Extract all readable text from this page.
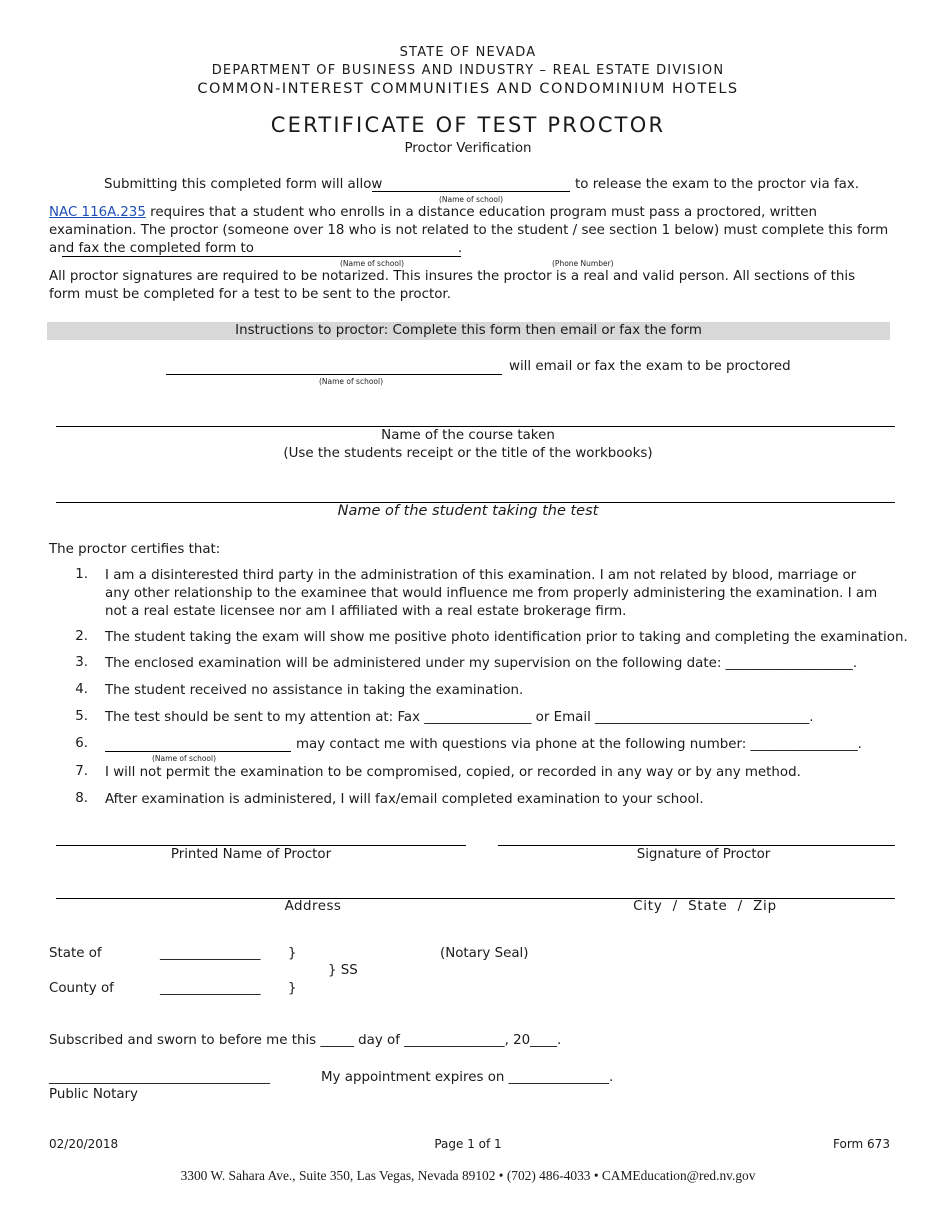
STATE OF NEVADA
DEPARTMENT OF BUSINESS AND INDUSTRY – REAL ESTATE DIVISION
COMMON-INTEREST COMMUNITIES AND CONDOMINIUM HOTELS
CERTIFICATE OF TEST PROCTOR
Proctor Verification
Submitting this completed form will allow
(Name of school)
to release the exam to the proctor via fax.
NAC 116A.235 requires that a student who enrolls in a distance education program must pass a proctored, written examination. The proctor (someone over 18 who is not related to the student / see section 1 below) must complete this form and fax the completed form to	.
(Name of school)	(Phone Number)
All proctor signatures are required to be notarized. This insures the proctor is a real and valid person. All sections of this form must be completed for a test to be sent to the proctor.
Instructions to proctor: Complete this form then email or fax the form
(Name of school)
will email or fax the exam to be proctored
Name of the course taken
(Use the students receipt or the title of the workbooks)
Name of the student taking the test
The proctor certifies that:
1. I am a disinterested third party in the administration of this examination. I am not related by blood, marriage or any other relationship to the examinee that would influence me from properly administering the examination. I am not a real estate licensee nor am I affiliated with a real estate brokerage firm.
2. The student taking the exam will show me positive photo identification prior to taking and completing the examination.
3. The enclosed examination will be administered under my supervision on the following date: ___________________.
4. The student received no assistance in taking the examination.
5. The test should be sent to my attention at: Fax ________________ or Email ________________________________.
6.
(Name of school)
may contact me with questions via phone at the following number: ________________.
7. I will not permit the examination to be compromised, copied, or recorded in any way or by any method.
8. After examination is administered, I will fax/email completed examination to your school.
Printed Name of Proctor	Signature of Proctor
Address	City  /  State  /  Zip
State of	_______________ }	(Notary Seal)
} SS
County of	_______________ }
Subscribed and sworn to before me this _____ day of _______________, 20____.
_________________________________	My appointment expires on _______________.
Public Notary
02/20/2018	Page 1 of 1	Form 673
3300 W. Sahara Ave., Suite 350, Las Vegas, Nevada 89102 • (702) 486-4033 • CAMEducation@red.nv.gov
